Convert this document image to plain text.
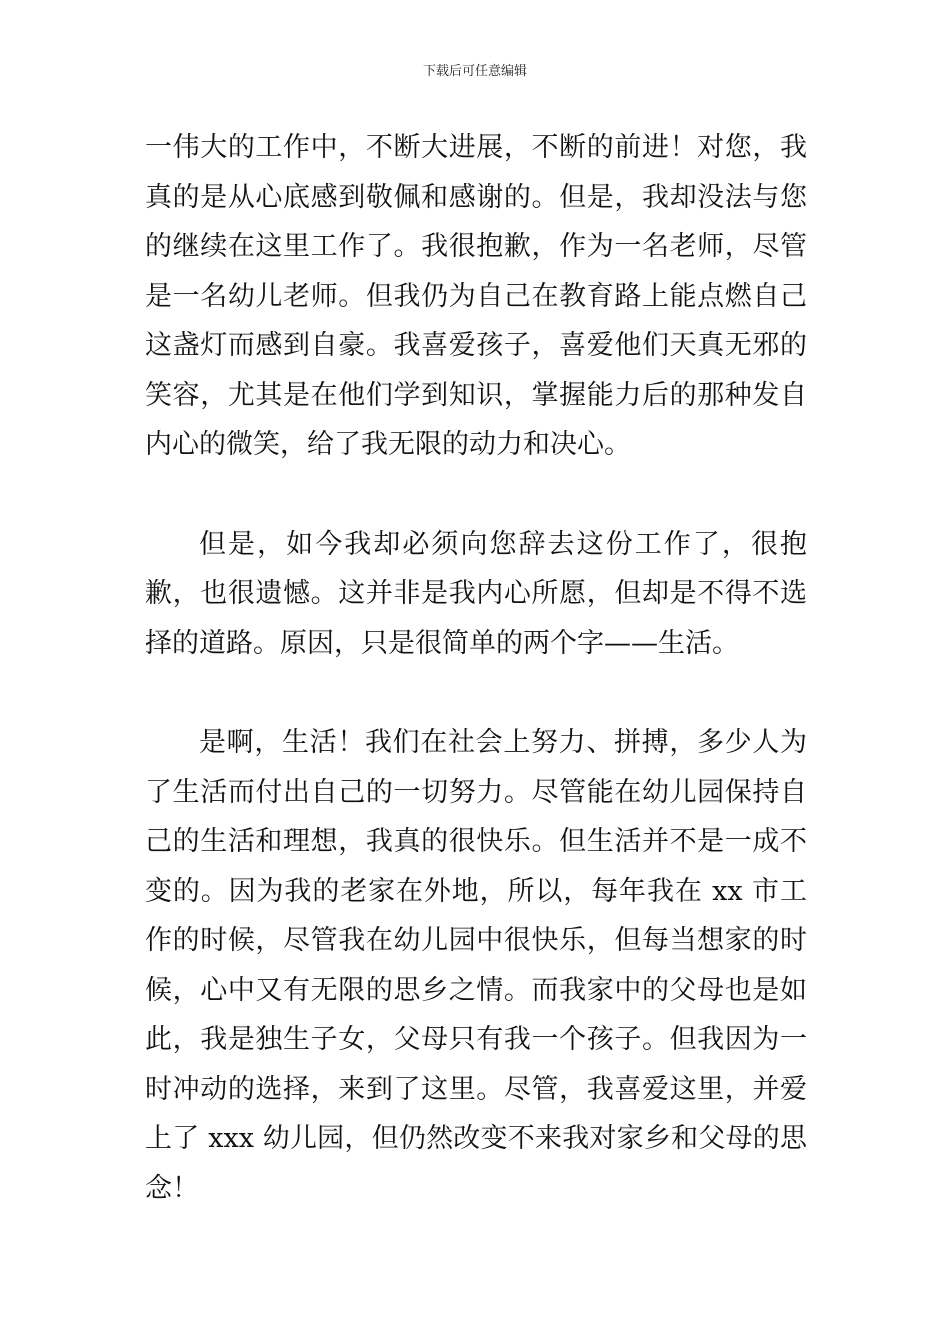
下载后可任意编辑

一伟大的工作中，不断大进展，不断的前进！对您，我真的是从心底感到敬佩和感谢的。但是，我却没法与您的继续在这里工作了。我很抱歉，作为一名老师，尽管是一名幼儿老师。但我仍为自己在教育路上能点燃自己这盏灯而感到自豪。我喜爱孩子，喜爱他们天真无邪的笑容，尤其是在他们学到知识，掌握能力后的那种发自内心的微笑，给了我无限的动力和决心。

但是，如今我却必须向您辞去这份工作了，很抱歉，也很遗憾。这并非是我内心所愿，但却是不得不选择的道路。原因，只是很简单的两个字——生活。

是啊，生活！我们在社会上努力、拼搏，多少人为了生活而付出自己的一切努力。尽管能在幼儿园保持自己的生活和理想，我真的很快乐。但生活并不是一成不变的。因为我的老家在外地，所以，每年我在 xx 市工作的时候，尽管我在幼儿园中很快乐，但每当想家的时候，心中又有无限的思乡之情。而我家中的父母也是如此，我是独生子女，父母只有我一个孩子。但我因为一时冲动的选择，来到了这里。尽管，我喜爱这里，并爱上了 xxx 幼儿园，但仍然改变不来我对家乡和父母的思念！
